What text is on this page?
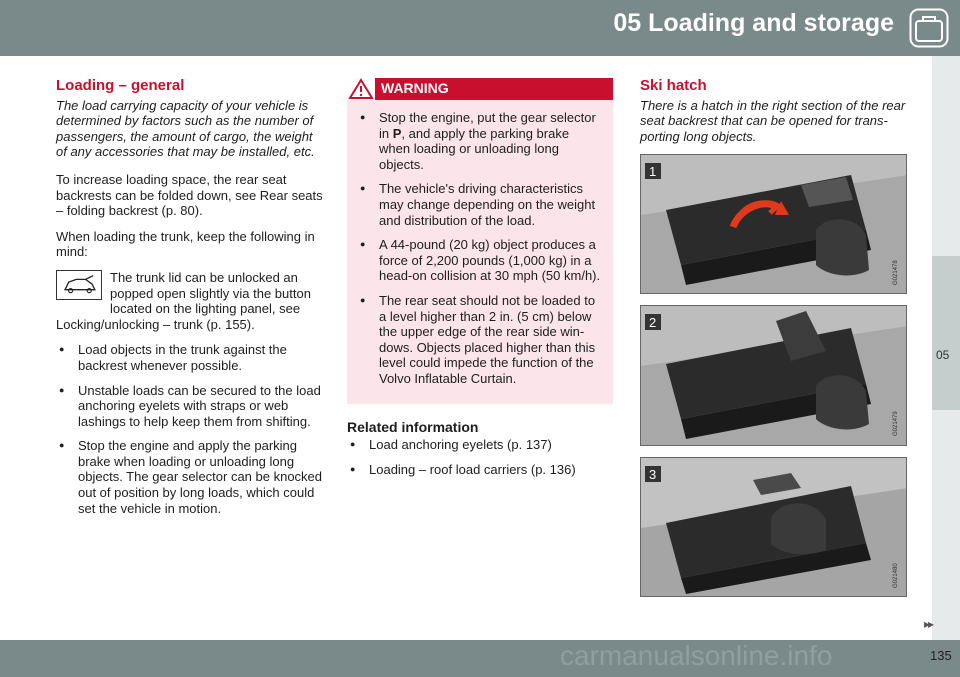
05 Loading and storage
05
Loading – general
The load carrying capacity of your vehicle is determined by factors such as the number of passengers, the amount of cargo, the weight of any accessories that may be installed, etc.

To increase loading space, the rear seat backrests can be folded down, see Rear seats – folding backrest (p. 80).

When loading the trunk, keep the following in mind:

The trunk lid can be unlocked an popped open slightly via the button located on the lighting panel, see

Locking/unlocking – trunk (p. 155).

● Load objects in the trunk against the backrest whenever possible.
● Unstable loads can be secured to the load anchoring eyelets with straps or web lashings to help keep them from shifting.
● Stop the engine and apply the parking brake when loading or unloading long objects. The gear selector can be knocked out of position by long loads, which could set the vehicle in motion.
WARNING
● Stop the engine, put the gear selector in P, and apply the parking brake when loading or unloading long objects.
● The vehicle's driving characteristics may change depending on the weight and distribution of the load.
● A 44-pound (20 kg) object produces a force of 2,200 pounds (1,000 kg) in a head-on collision at 30 mph (50 km/h).
● The rear seat should not be loaded to a level higher than 2 in. (5 cm) below the upper edge of the rear side win-dows. Objects placed higher than this level could impede the function of the Volvo Inflatable Curtain.
Related information
● Load anchoring eyelets (p. 137)
● Loading – roof load carriers (p. 136)
Ski hatch
There is a hatch in the right section of the rear seat backrest that can be opened for trans-porting long objects.
1
G021478
2
G021479
3
G021480
carmanualsonline.info
▸▸
135
